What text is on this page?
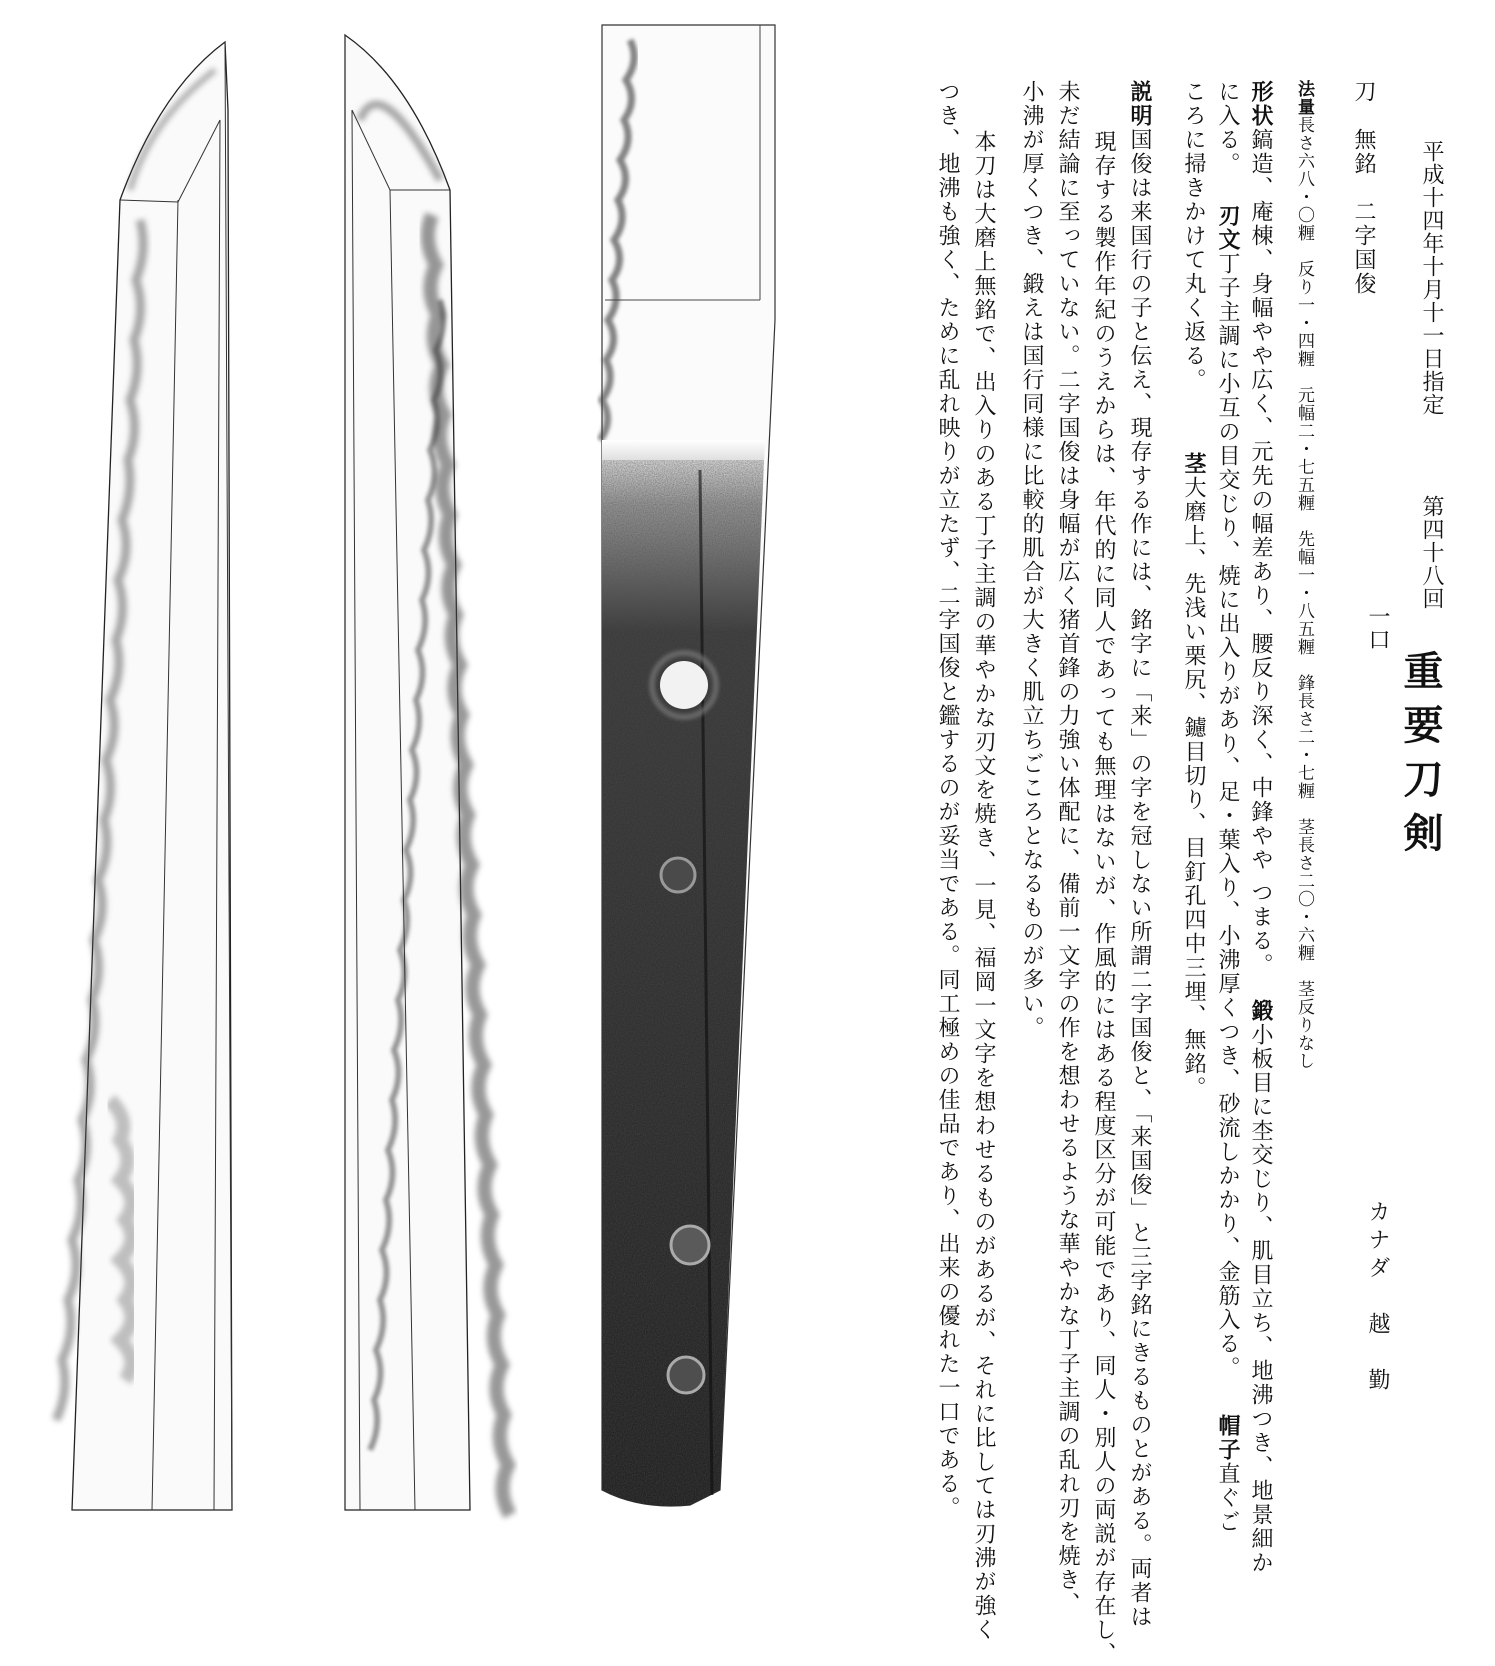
平成十四年十月十一日指定
第四十八回
重要刀剣
一口
カナダ　越　勤
刀　無銘　二字国俊
法量長さ六八・〇糎　反り一・四糎　元幅二・七五糎　先幅一・八五糎　鋒長さ二・七糎　茎長さ二〇・六糎　茎反りなし
形状鎬造、庵棟、身幅やや広く、元先の幅差あり、腰反り深く、中鋒やや つまる。鍛小板目に杢交じり、肌目立ち、地沸つき、地景細か
に入る。刃文丁子主調に小互の目交じり、焼に出入りがあり、足・葉入り、小沸厚くつき、砂流しかかり、金筋入る。帽子直ぐご
ころに掃きかけて丸く返る。茎大磨上、先浅い栗尻、鑢目切り、目釘孔四中三埋、無銘。
説明国俊は来国行の子と伝え、現存する作には、銘字に「来」の字を冠しない所謂二字国俊と、「来国俊」と三字銘にきるものとがある。両者は
現存する製作年紀のうえからは、年代的に同人であっても無理はないが、作風的にはある程度区分が可能であり、同人・別人の両説が存在し、
未だ結論に至っていない。二字国俊は身幅が広く猪首鋒の力強い体配に、備前一文字の作を想わせるような華やかな丁子主調の乱れ刃を焼き、
小沸が厚くつき、鍛えは国行同様に比較的肌合が大きく肌立ちごころとなるものが多い。
本刀は大磨上無銘で、出入りのある丁子主調の華やかな刃文を焼き、一見、福岡一文字を想わせるものがあるが、それに比しては刃沸が強く
つき、地沸も強く、ために乱れ映りが立たず、二字国俊と鑑するのが妥当である。同工極めの佳品であり、出来の優れた一口である。
